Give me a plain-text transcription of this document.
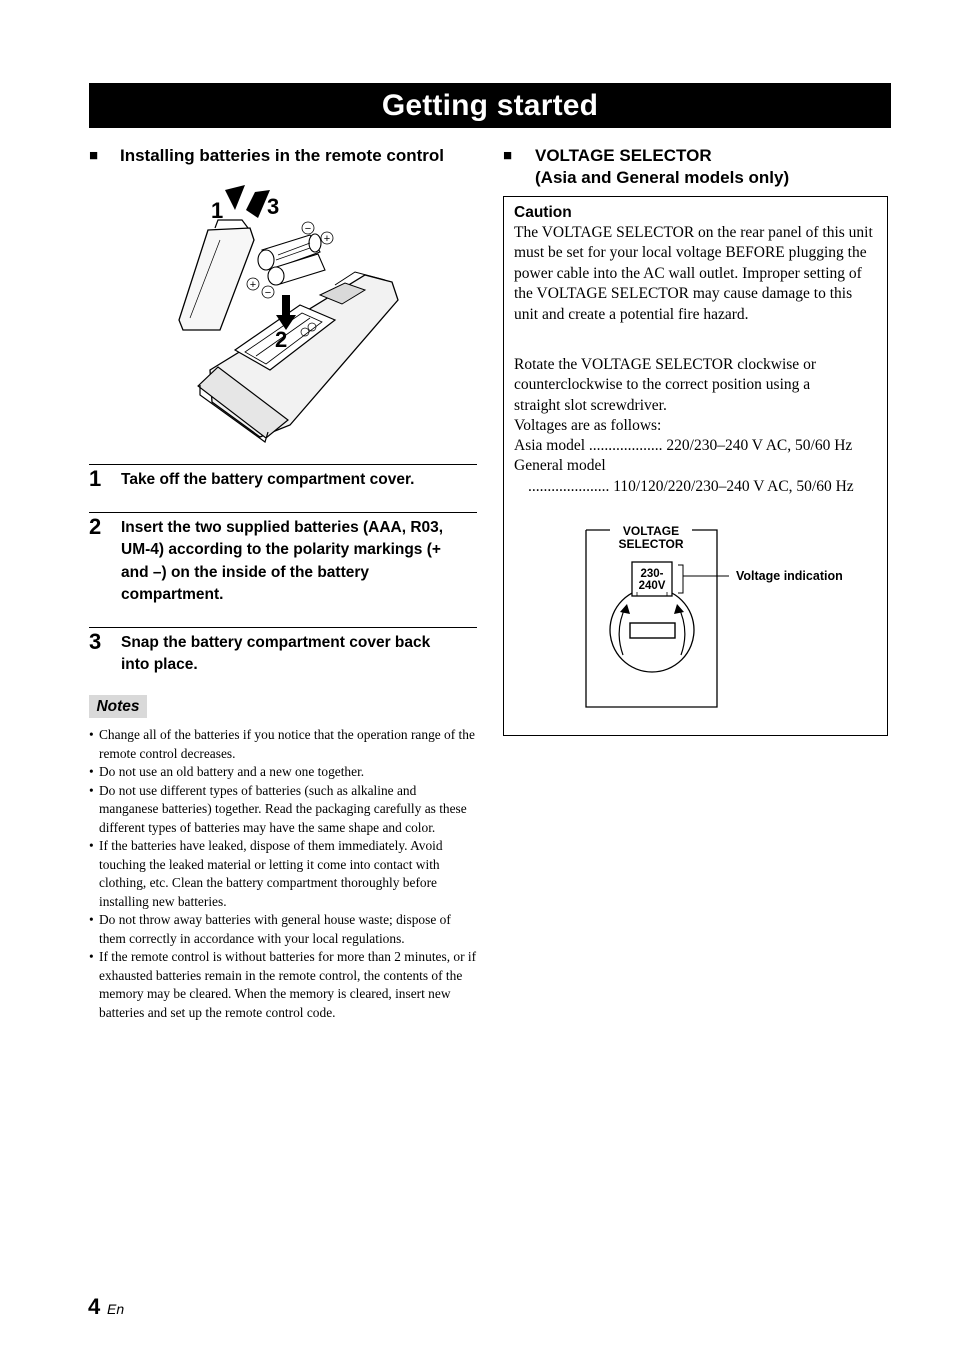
Getting started
■ Installing batteries in the remote control
−
+
+
−
1 3
2
1 Take off the battery compartment cover.
2 Insert the two supplied batteries (AAA, R03, UM-4) according to the polarity markings (+ and –) on the inside of the battery compartment.
3 Snap the battery compartment cover back into place.
Notes
• Change all of the batteries if you notice that the operation range of the remote control decreases.
• Do not use an old battery and a new one together.
• Do not use different types of batteries (such as alkaline and manganese batteries) together. Read the packaging carefully as these different types of batteries may have the same shape and color.
• If the batteries have leaked, dispose of them immediately. Avoid touching the leaked material or letting it come into contact with clothing, etc. Clean the battery compartment thoroughly before installing new batteries.
• Do not throw away batteries with general house waste; dispose of them correctly in accordance with your local regulations.
• If the remote control is without batteries for more than 2 minutes, or if exhausted batteries remain in the remote control, the contents of the memory may be cleared. When the memory is cleared, insert new batteries and set up the remote control code.
■ VOLTAGE SELECTOR
(Asia and General models only)
Caution
The VOLTAGE SELECTOR on the rear panel of this unit must be set for your local voltage BEFORE plugging the power cable into the AC wall outlet. Improper setting of the VOLTAGE SELECTOR may cause damage to this unit and create a potential fire hazard.
Rotate the VOLTAGE SELECTOR clockwise or counterclockwise to the correct position using a straight slot screwdriver.
Voltages are as follows:
Asia model ................... 220/230–240 V AC, 50/60 Hz
General model
..................... 110/120/220/230–240 V AC, 50/60 Hz
VOLTAGE
SELECTOR
230-
240V
Voltage indication
4 En
